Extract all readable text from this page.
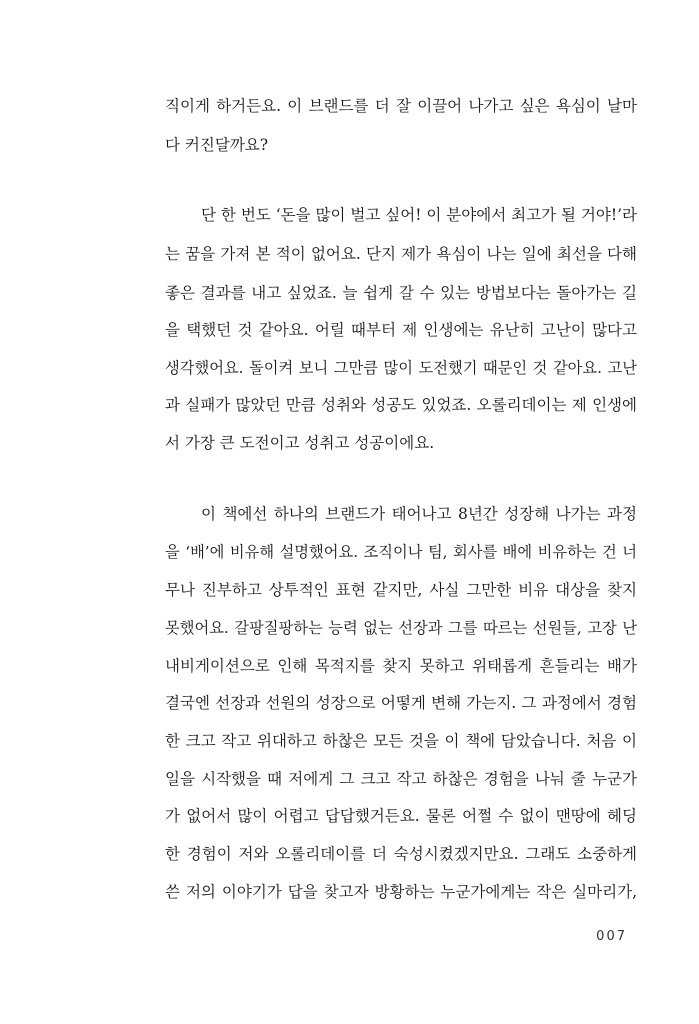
직이게 하거든요. 이 브랜드를 더 잘 이끌어 나가고 싶은 욕심이 날마
다 커진달까요?
단 한 번도 ‘돈을 많이 벌고 싶어! 이 분야에서 최고가 될 거야!’라
는 꿈을 가져 본 적이 없어요. 단지 제가 욕심이 나는 일에 최선을 다해
좋은 결과를 내고 싶었죠. 늘 쉽게 갈 수 있는 방법보다는 돌아가는 길
을 택했던 것 같아요. 어릴 때부터 제 인생에는 유난히 고난이 많다고
생각했어요. 돌이켜 보니 그만큼 많이 도전했기 때문인 것 같아요. 고난
과 실패가 많았던 만큼 성취와 성공도 있었죠. 오롤리데이는 제 인생에
서 가장 큰 도전이고 성취고 성공이에요.
이 책에선 하나의 브랜드가 태어나고 8년간 성장해 나가는 과정
을 ‘배’에 비유해 설명했어요. 조직이나 팀, 회사를 배에 비유하는 건 너
무나 진부하고 상투적인 표현 같지만, 사실 그만한 비유 대상을 찾지
못했어요. 갈팡질팡하는 능력 없는 선장과 그를 따르는 선원들, 고장 난
내비게이션으로 인해 목적지를 찾지 못하고 위태롭게 흔들리는 배가
결국엔 선장과 선원의 성장으로 어떻게 변해 가는지. 그 과정에서 경험
한 크고 작고 위대하고 하찮은 모든 것을 이 책에 담았습니다. 처음 이
일을 시작했을 때 저에게 그 크고 작고 하찮은 경험을 나눠 줄 누군가
가 없어서 많이 어렵고 답답했거든요. 물론 어쩔 수 없이 맨땅에 헤딩
한 경험이 저와 오롤리데이를 더 숙성시켰겠지만요. 그래도 소중하게
쓴 저의 이야기가 답을 찾고자 방황하는 누군가에게는 작은 실마리가,
007
